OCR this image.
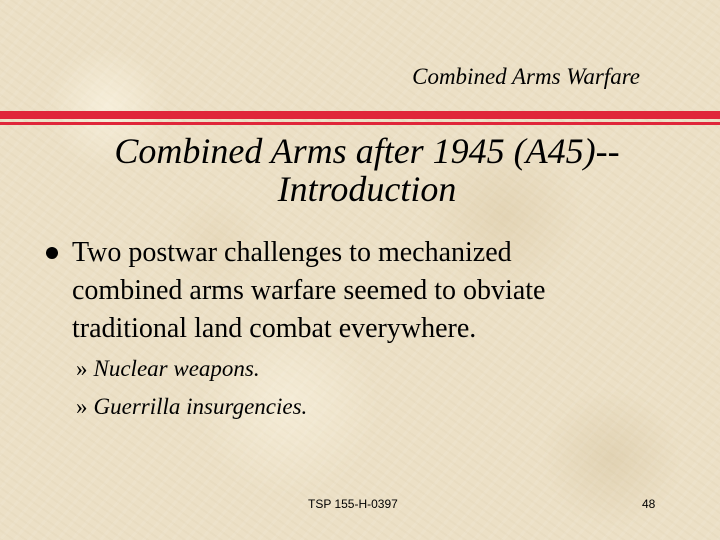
Combined Arms Warfare
Combined Arms after 1945 (A45)--
Introduction
Two postwar challenges to mechanized
combined arms warfare seemed to obviate
traditional land combat everywhere.
» Nuclear weapons.
» Guerrilla insurgencies.
TSP 155-H-0397	48
